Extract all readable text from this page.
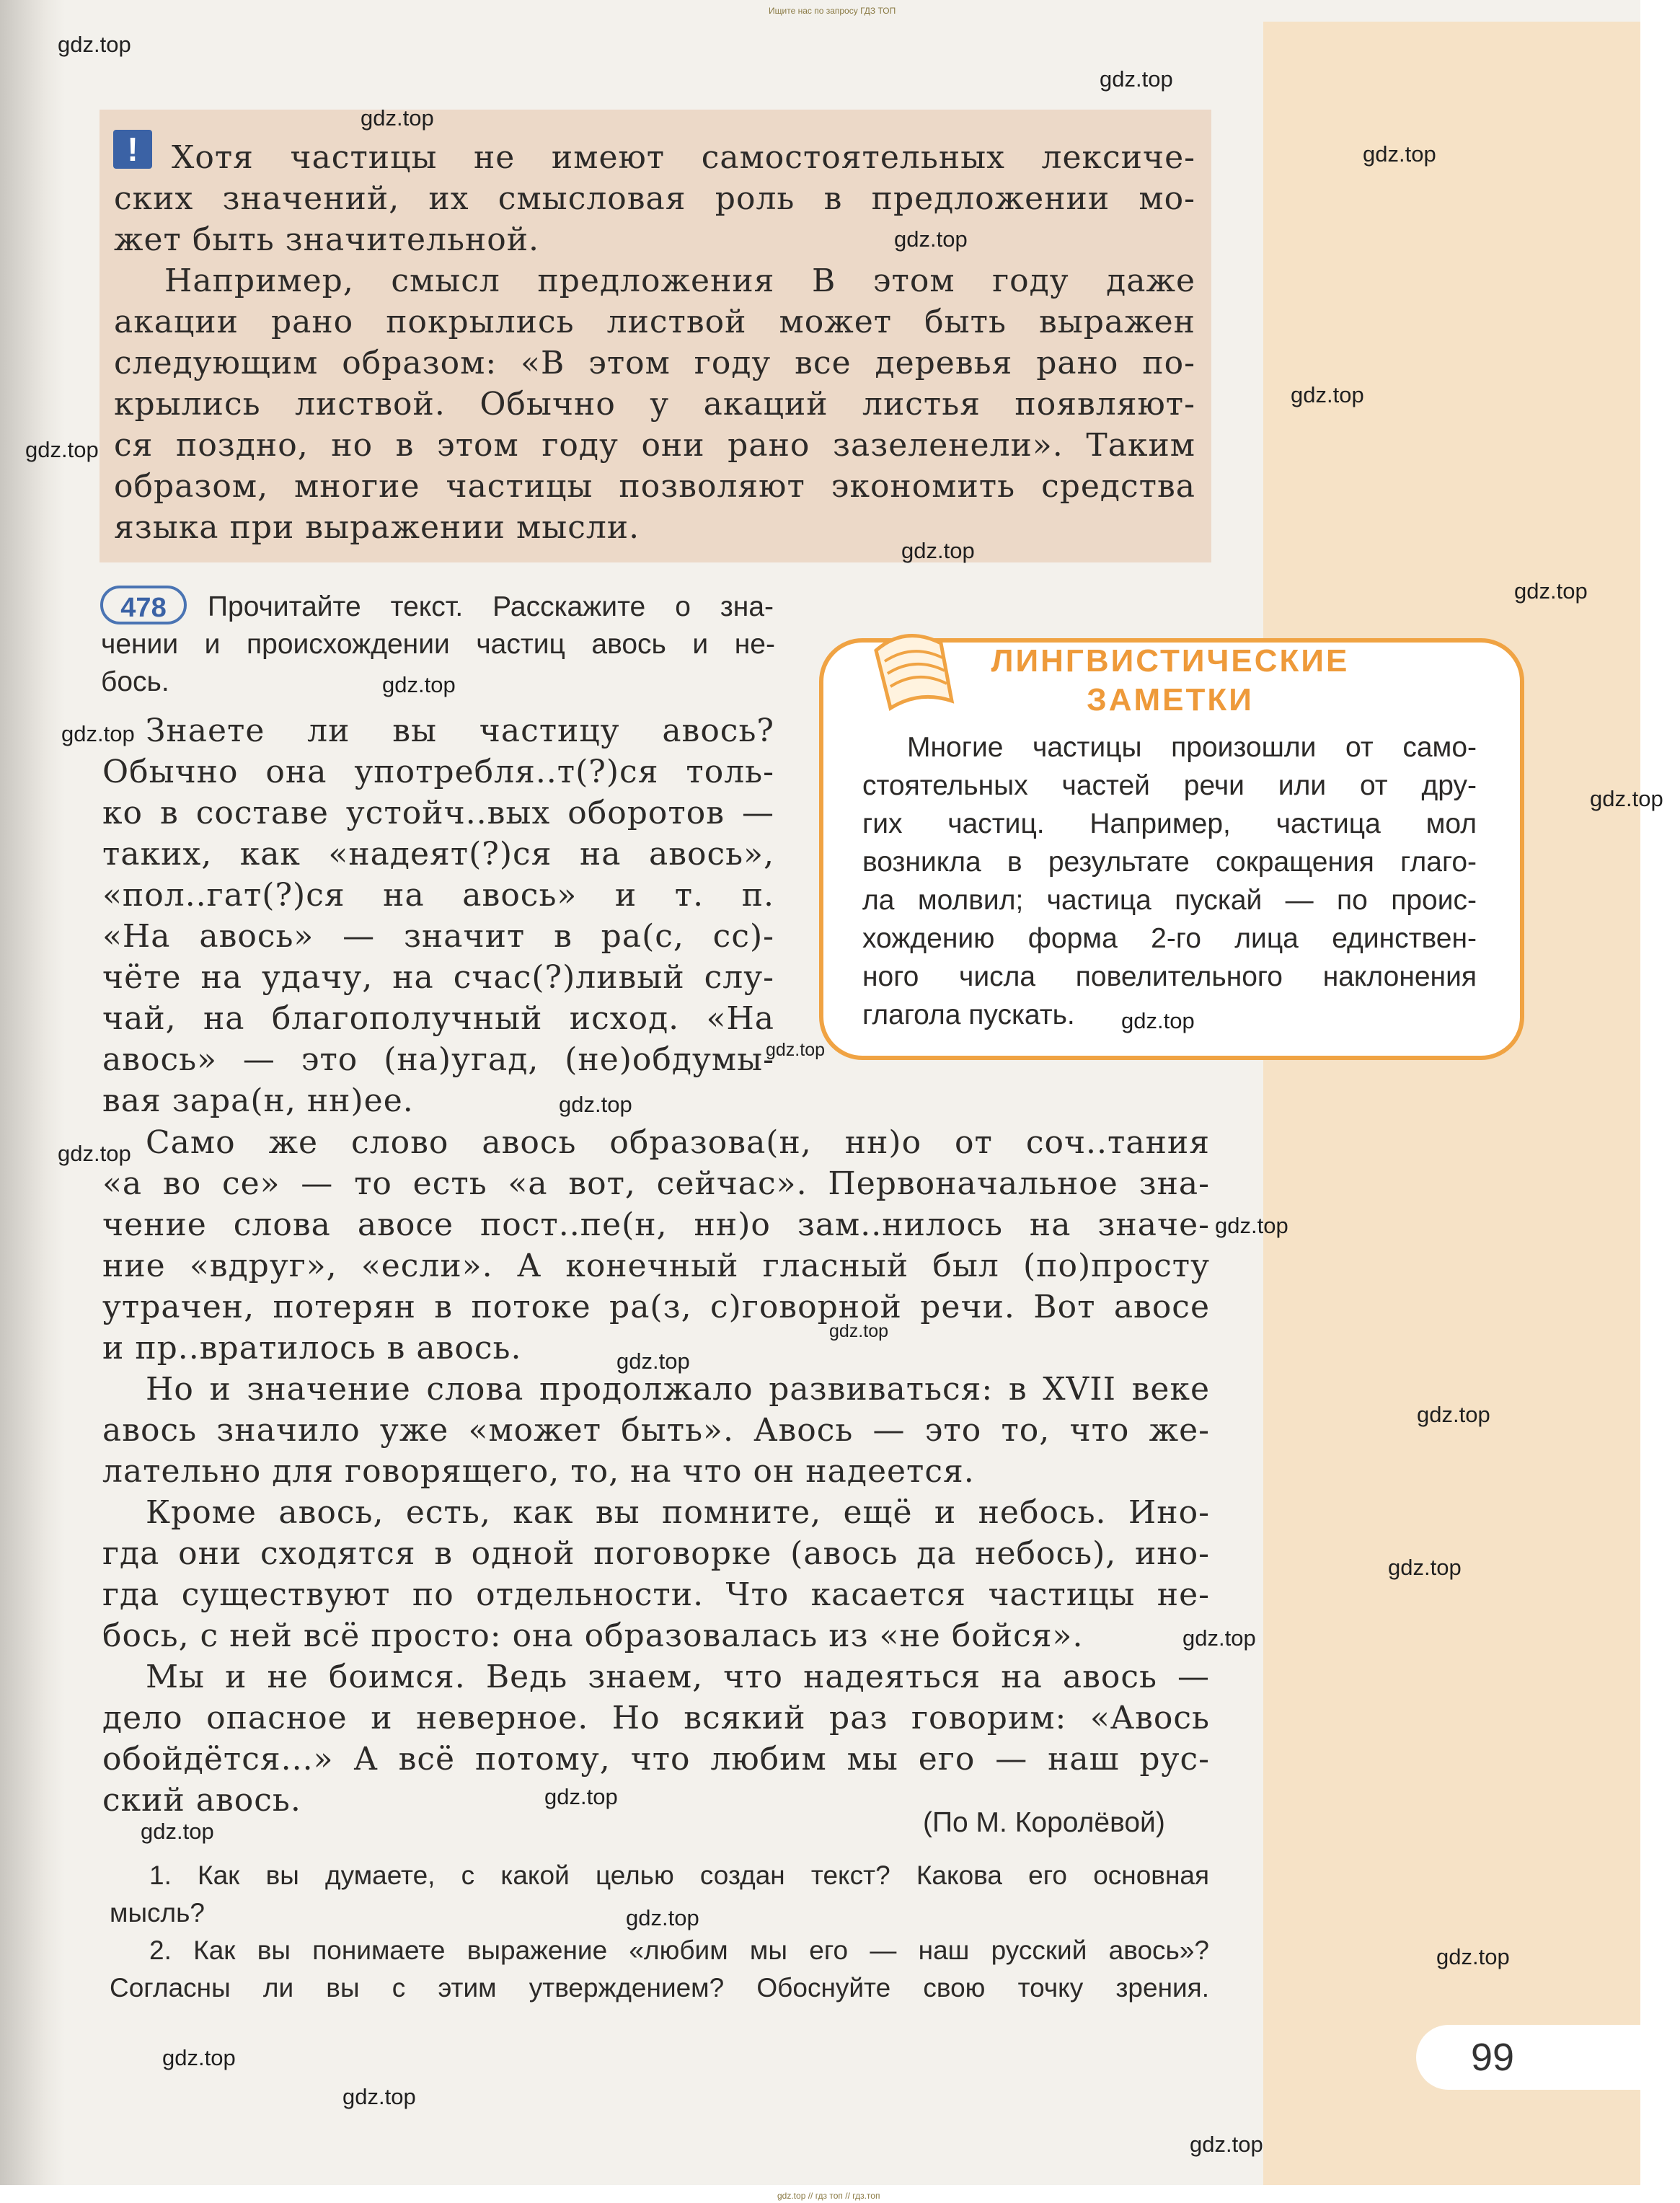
Ищите нас по запросу ГДЗ ТОП
!	Хотя частицы не имеют самостоятельных лексиче-
ских значений, их смысловая роль в предложении мо-
жет быть значительной.
Например, смысл предложения В этом году даже
акации рано покрылись листвой может быть выражен
следующим образом: «В этом году все деревья рано по-
крылись листвой. Обычно у акаций листья появляют-
ся поздно, но в этом году они рано зазеленели». Таким
образом, многие частицы позволяют экономить средства
языка при выражении мысли.
478	Прочитайте текст. Расскажите о зна-
чении и происхождении частиц авось и не-
бось.
Знаете ли вы частицу авось?
Обычно она употребля..т(?)ся толь-
ко в составе устойч..вых оборотов —
таких, как «надеят(?)ся на авось»,
«пол..гат(?)ся на авось» и т. п.
«На авось» — значит в ра(с, сс)-
чёте на удачу, на счас(?)ливый слу-
чай, на благополучный исход. «На
авось» — это (на)угад, (не)обдумы-
вая зара(н, нн)ее.
ЛИНГВИСТИЧЕСКИЕ
ЗАМЕТКИ
Многие частицы произошли от само-
стоятельных частей речи или от дру-
гих частиц. Например, частица мол
возникла в результате сокращения глаго-
ла молвил; частица пускай — по проис-
хождению форма 2-го лица единствен-
ного числа повелительного наклонения
глагола пускать.
Само же слово авось образова(н, нн)о от соч..тания
«а во се» — то есть «а вот, сейчас». Первоначальное зна-
чение слова авосе пост..пе(н, нн)о зам..нилось на значе-
ние «вдруг», «если». А конечный гласный был (по)просту
утрачен, потерян в потоке ра(з, с)говорной речи. Вот авосе
и пр..вратилось в авось.
Но и значение слова продолжало развиваться: в XVII веке
авось значило уже «может быть». Авось — это то, что же-
лательно для говорящего, то, на что он надеется.
Кроме авось, есть, как вы помните, ещё и небось. Ино-
гда они сходятся в одной поговорке (авось да небось), ино-
гда существуют по отдельности. Что касается частицы не-
бось, с ней всё просто: она образовалась из «не бойся».
Мы и не боимся. Ведь знаем, что надеяться на авось —
дело опасное и неверное. Но всякий раз говорим: «Авось
обойдётся...» А всё потому, что любим мы его — наш рус-
ский авось.
(По М. Королёвой)
1. Как вы думаете, с какой целью создан текст? Какова его основная
мысль?
2. Как вы понимаете выражение «любим мы его — наш русский авось»?
Согласны ли вы с этим утверждением? Обоснуйте свою точку зрения.
99
gdz.top
gdz.top
gdz.top
gdz.top
gdz.top
gdz.top
gdz.top
gdz.top
gdz.top
gdz.top
gdz.top
gdz.top
gdz.top
gdz.top
gdz.top
gdz.top
gdz.top
gdz.top
gdz.top
gdz.top
gdz.top
gdz.top
gdz.top
gdz.top
gdz.top
gdz.top
gdz.top
gdz.top
gdz.top
gdz.top // гдз топ // гдз.топ
